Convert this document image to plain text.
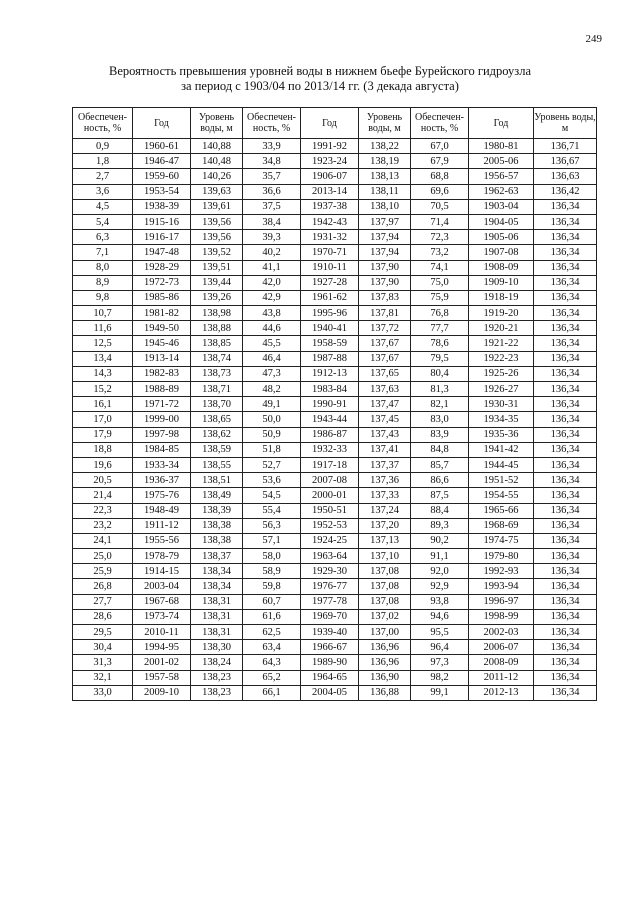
249
Вероятность превышения уровней воды в нижнем бьефе Бурейского гидроузла
за период с 1903/04 по 2013/14 гг. (3 декада августа)
Обеспечен-ность, %	Год	Уровень воды, м	Обеспечен-ность, %	Год	Уровень воды, м	Обеспечен-ность, %	Год	Уровень воды, м
0,9	1960-61	140,88	33,9	1991-92	138,22	67,0	1980-81	136,71
1,8	1946-47	140,48	34,8	1923-24	138,19	67,9	2005-06	136,67
2,7	1959-60	140,26	35,7	1906-07	138,13	68,8	1956-57	136,63
3,6	1953-54	139,63	36,6	2013-14	138,11	69,6	1962-63	136,42
4,5	1938-39	139,61	37,5	1937-38	138,10	70,5	1903-04	136,34
5,4	1915-16	139,56	38,4	1942-43	137,97	71,4	1904-05	136,34
6,3	1916-17	139,56	39,3	1931-32	137,94	72,3	1905-06	136,34
7,1	1947-48	139,52	40,2	1970-71	137,94	73,2	1907-08	136,34
8,0	1928-29	139,51	41,1	1910-11	137,90	74,1	1908-09	136,34
8,9	1972-73	139,44	42,0	1927-28	137,90	75,0	1909-10	136,34
9,8	1985-86	139,26	42,9	1961-62	137,83	75,9	1918-19	136,34
10,7	1981-82	138,98	43,8	1995-96	137,81	76,8	1919-20	136,34
11,6	1949-50	138,88	44,6	1940-41	137,72	77,7	1920-21	136,34
12,5	1945-46	138,85	45,5	1958-59	137,67	78,6	1921-22	136,34
13,4	1913-14	138,74	46,4	1987-88	137,67	79,5	1922-23	136,34
14,3	1982-83	138,73	47,3	1912-13	137,65	80,4	1925-26	136,34
15,2	1988-89	138,71	48,2	1983-84	137,63	81,3	1926-27	136,34
16,1	1971-72	138,70	49,1	1990-91	137,47	82,1	1930-31	136,34
17,0	1999-00	138,65	50,0	1943-44	137,45	83,0	1934-35	136,34
17,9	1997-98	138,62	50,9	1986-87	137,43	83,9	1935-36	136,34
18,8	1984-85	138,59	51,8	1932-33	137,41	84,8	1941-42	136,34
19,6	1933-34	138,55	52,7	1917-18	137,37	85,7	1944-45	136,34
20,5	1936-37	138,51	53,6	2007-08	137,36	86,6	1951-52	136,34
21,4	1975-76	138,49	54,5	2000-01	137,33	87,5	1954-55	136,34
22,3	1948-49	138,39	55,4	1950-51	137,24	88,4	1965-66	136,34
23,2	1911-12	138,38	56,3	1952-53	137,20	89,3	1968-69	136,34
24,1	1955-56	138,38	57,1	1924-25	137,13	90,2	1974-75	136,34
25,0	1978-79	138,37	58,0	1963-64	137,10	91,1	1979-80	136,34
25,9	1914-15	138,34	58,9	1929-30	137,08	92,0	1992-93	136,34
26,8	2003-04	138,34	59,8	1976-77	137,08	92,9	1993-94	136,34
27,7	1967-68	138,31	60,7	1977-78	137,08	93,8	1996-97	136,34
28,6	1973-74	138,31	61,6	1969-70	137,02	94,6	1998-99	136,34
29,5	2010-11	138,31	62,5	1939-40	137,00	95,5	2002-03	136,34
30,4	1994-95	138,30	63,4	1966-67	136,96	96,4	2006-07	136,34
31,3	2001-02	138,24	64,3	1989-90	136,96	97,3	2008-09	136,34
32,1	1957-58	138,23	65,2	1964-65	136,90	98,2	2011-12	136,34
33,0	2009-10	138,23	66,1	2004-05	136,88	99,1	2012-13	136,34
